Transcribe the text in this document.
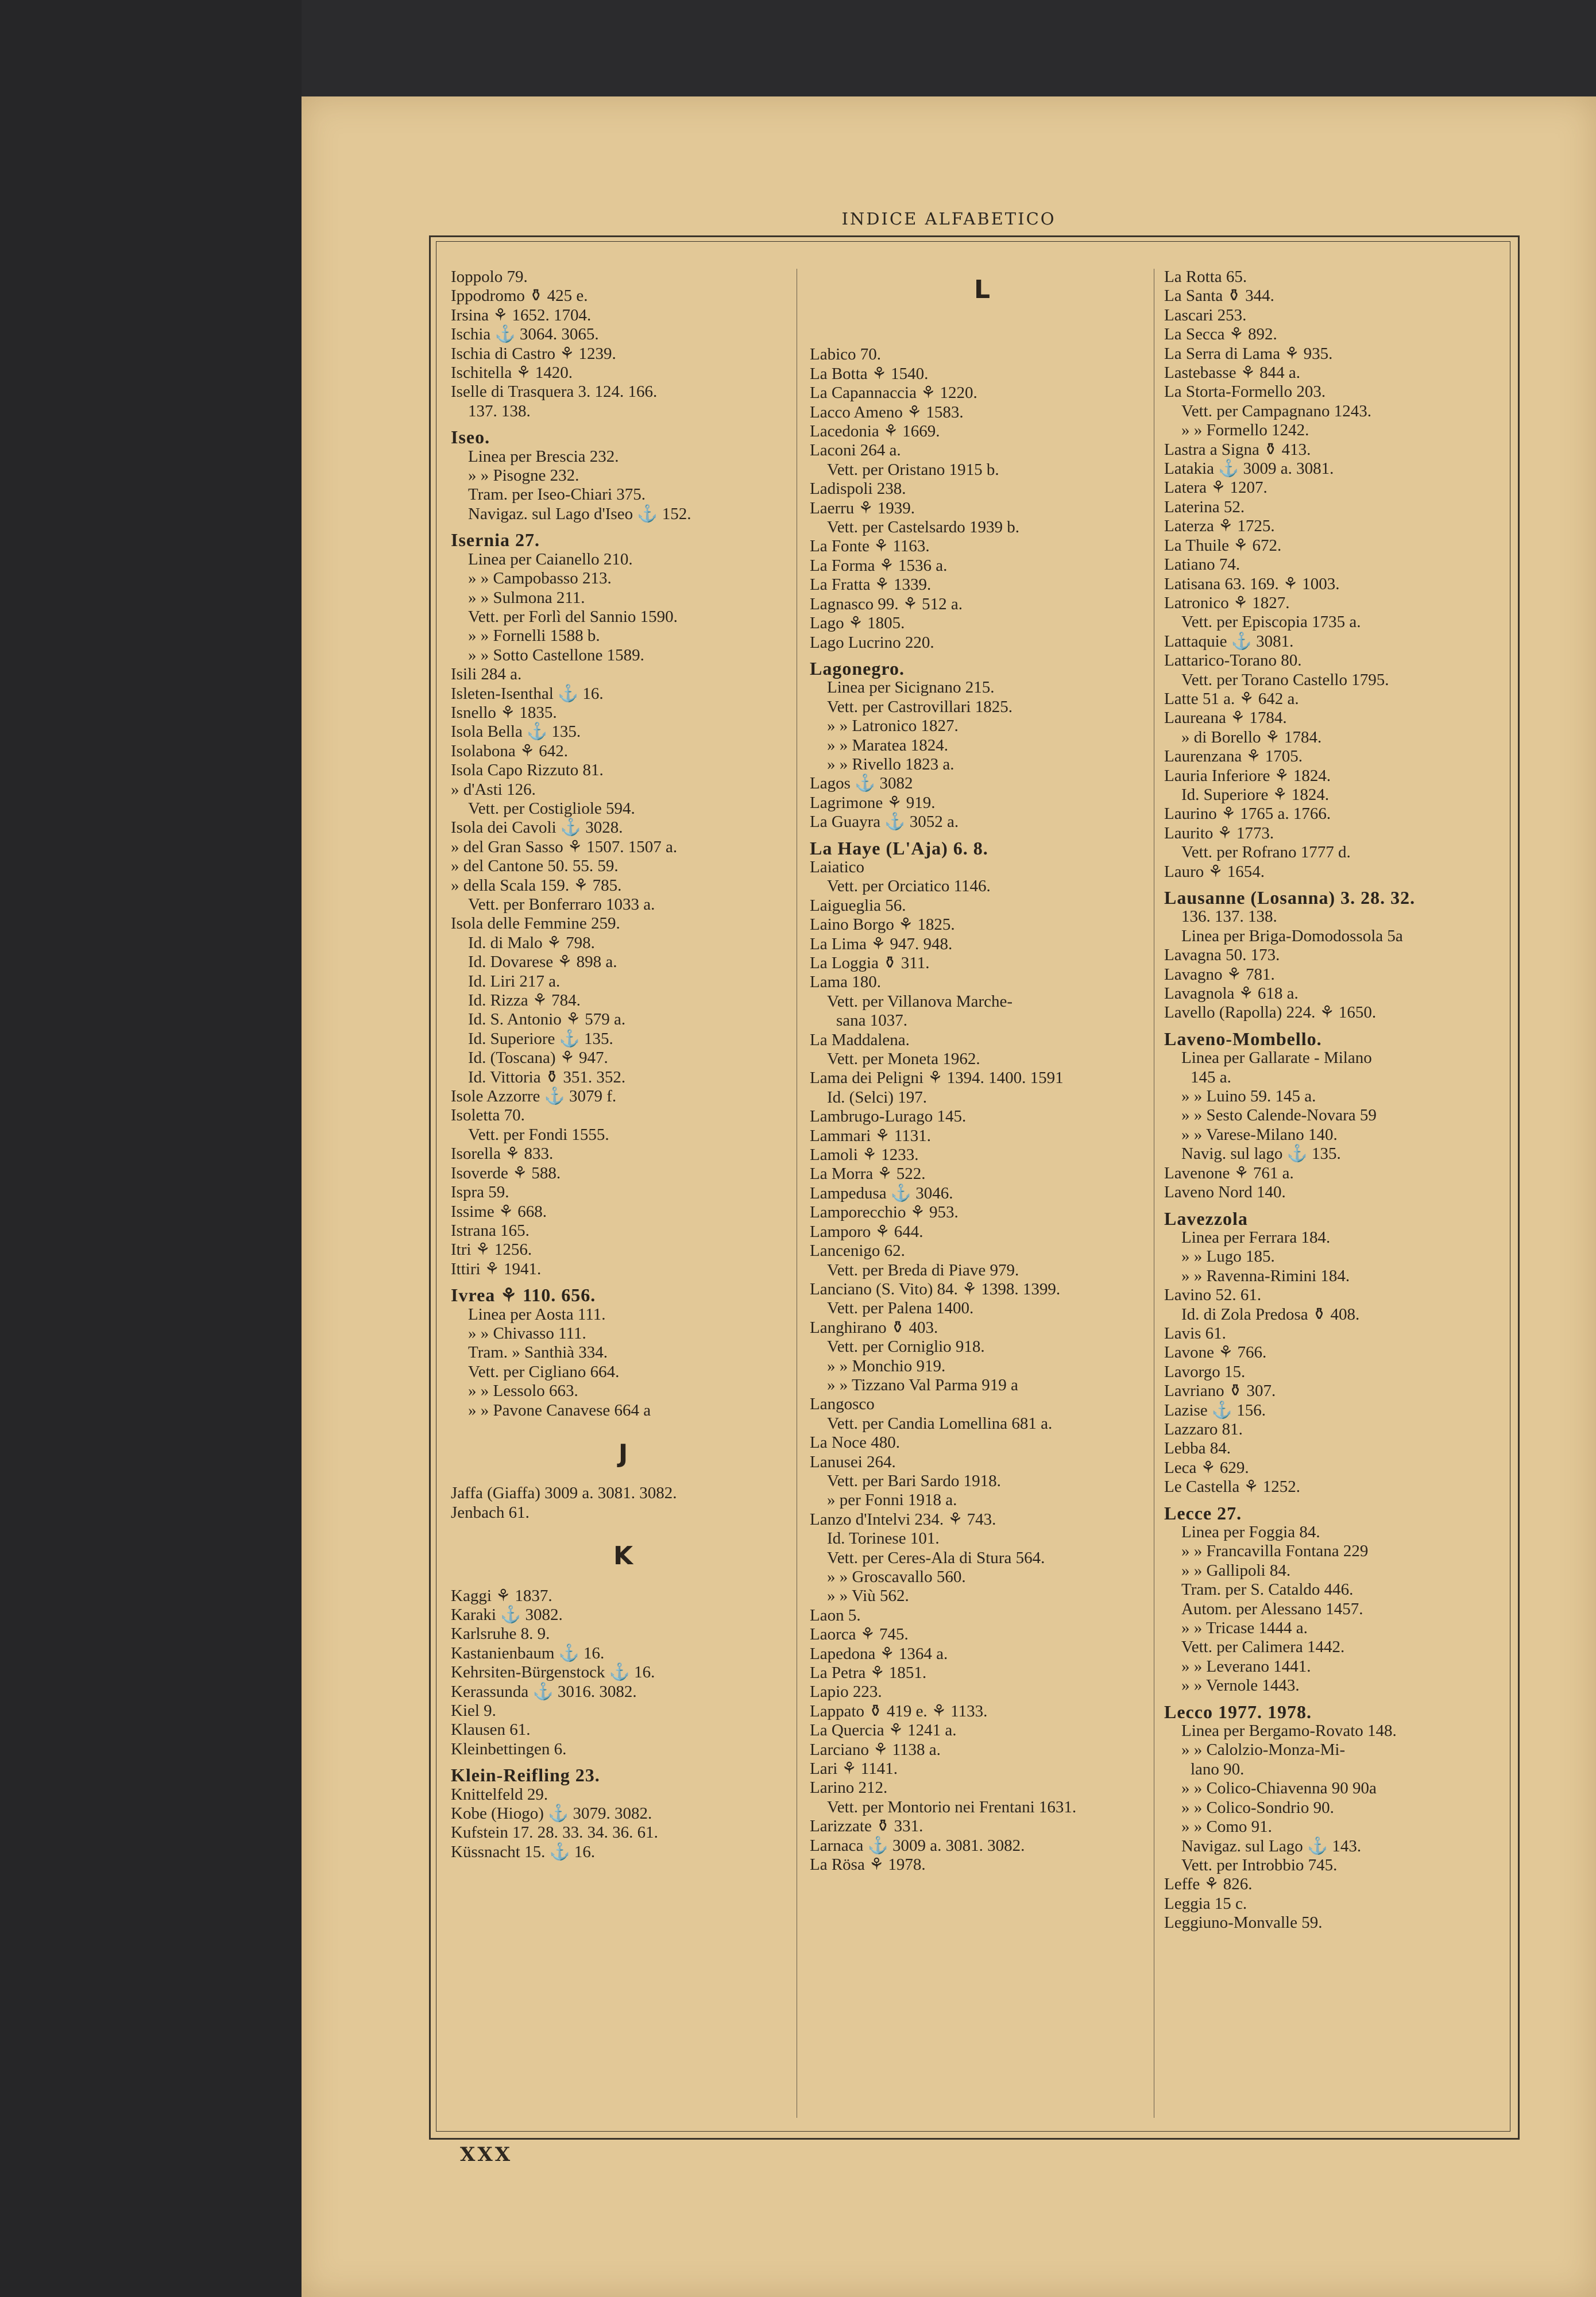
INDICE ALFABETICO
Ioppolo 79.
Ippodromo ⚱ 425 e.
Irsina ⚘ 1652. 1704.
Ischia ⚓ 3064. 3065.
Ischia di Castro ⚘ 1239.
Ischitella ⚘ 1420.
Iselle di Trasquera 3. 124. 166.
137. 138.
Iseo.
Linea per Brescia 232.
» » Pisogne 232.
Tram. per Iseo-Chiari 375.
Navigaz. sul Lago d'Iseo ⚓ 152.
Isernia 27.
Linea per Caianello 210.
» » Campobasso 213.
» » Sulmona 211.
Vett. per Forlì del Sannio 1590.
» » Fornelli 1588 b.
» » Sotto Castellone 1589.
Isili 284 a.
Isleten-Isenthal ⚓ 16.
Isnello ⚘ 1835.
Isola Bella ⚓ 135.
Isolabona ⚘ 642.
Isola Capo Rizzuto 81.
» d'Asti 126.
Vett. per Costigliole 594.
Isola dei Cavoli ⚓ 3028.
» del Gran Sasso ⚘ 1507. 1507 a.
» del Cantone 50. 55. 59.
» della Scala 159. ⚘ 785.
Vett. per Bonferraro 1033 a.
Isola delle Femmine 259.
Id. di Malo ⚘ 798.
Id. Dovarese ⚘ 898 a.
Id. Liri 217 a.
Id. Rizza ⚘ 784.
Id. S. Antonio ⚘ 579 a.
Id. Superiore ⚓ 135.
Id. (Toscana) ⚘ 947.
Id. Vittoria ⚱ 351. 352.
Isole Azzorre ⚓ 3079 f.
Isoletta 70.
Vett. per Fondi 1555.
Isorella ⚘ 833.
Isoverde ⚘ 588.
Ispra 59.
Issime ⚘ 668.
Istrana 165.
Itri ⚘ 1256.
Ittiri ⚘ 1941.
Ivrea ⚘ 110. 656.
Linea per Aosta 111.
» » Chivasso 111.
Tram. » Santhià 334.
Vett. per Cigliano 664.
» » Lessolo 663.
» » Pavone Canavese 664 a
J
Jaffa (Giaffa) 3009 a. 3081. 3082.
Jenbach 61.
K
Kaggi ⚘ 1837.
Karaki ⚓ 3082.
Karlsruhe 8. 9.
Kastanienbaum ⚓ 16.
Kehrsiten-Bürgenstock ⚓ 16.
Kerassunda ⚓ 3016. 3082.
Kiel 9.
Klausen 61.
Kleinbettingen 6.
Klein-Reifling 23.
Knittelfeld 29.
Kobe (Hiogo) ⚓ 3079. 3082.
Kufstein 17. 28. 33. 34. 36. 61.
Küssnacht 15. ⚓ 16.
L
Labico 70.
La Botta ⚘ 1540.
La Capannaccia ⚘ 1220.
Lacco Ameno ⚘ 1583.
Lacedonia ⚘ 1669.
Laconi 264 a.
Vett. per Oristano 1915 b.
Ladispoli 238.
Laerru ⚘ 1939.
Vett. per Castelsardo 1939 b.
La Fonte ⚘ 1163.
La Forma ⚘ 1536 a.
La Fratta ⚘ 1339.
Lagnasco 99. ⚘ 512 a.
Lago ⚘ 1805.
Lago Lucrino 220.
Lagonegro.
Linea per Sicignano 215.
Vett. per Castrovillari 1825.
» » Latronico 1827.
» » Maratea 1824.
» » Rivello 1823 a.
Lagos ⚓ 3082
Lagrimone ⚘ 919.
La Guayra ⚓ 3052 a.
La Haye (L'Aja) 6. 8.
Laiatico
Vett. per Orciatico 1146.
Laigueglia 56.
Laino Borgo ⚘ 1825.
La Lima ⚘ 947. 948.
La Loggia ⚱ 311.
Lama 180.
Vett. per Villanova Marche-
sana 1037.
La Maddalena.
Vett. per Moneta 1962.
Lama dei Peligni ⚘ 1394. 1400. 1591
Id. (Selci) 197.
Lambrugo-Lurago 145.
Lammari ⚘ 1131.
Lamoli ⚘ 1233.
La Morra ⚘ 522.
Lampedusa ⚓ 3046.
Lamporecchio ⚘ 953.
Lamporo ⚘ 644.
Lancenigo 62.
Vett. per Breda di Piave 979.
Lanciano (S. Vito) 84. ⚘ 1398. 1399.
Vett. per Palena 1400.
Langhirano ⚱ 403.
Vett. per Corniglio 918.
» » Monchio 919.
» » Tizzano Val Parma 919 a
Langosco
Vett. per Candia Lomellina 681 a.
La Noce 480.
Lanusei 264.
Vett. per Bari Sardo 1918.
» per Fonni 1918 a.
Lanzo d'Intelvi 234. ⚘ 743.
Id. Torinese 101.
Vett. per Ceres-Ala di Stura 564.
» » Groscavallo 560.
» » Viù 562.
Laon 5.
Laorca ⚘ 745.
Lapedona ⚘ 1364 a.
La Petra ⚘ 1851.
Lapio 223.
Lappato ⚱ 419 e. ⚘ 1133.
La Quercia ⚘ 1241 a.
Larciano ⚘ 1138 a.
Lari ⚘ 1141.
Larino 212.
Vett. per Montorio nei Frentani 1631.
Larizzate ⚱ 331.
Larnaca ⚓ 3009 a. 3081. 3082.
La Rösa ⚘ 1978.
La Rotta 65.
La Santa ⚱ 344.
Lascari 253.
La Secca ⚘ 892.
La Serra di Lama ⚘ 935.
Lastebasse ⚘ 844 a.
La Storta-Formello 203.
Vett. per Campagnano 1243.
» » Formello 1242.
Lastra a Signa ⚱ 413.
Latakia ⚓ 3009 a. 3081.
Latera ⚘ 1207.
Laterina 52.
Laterza ⚘ 1725.
La Thuile ⚘ 672.
Latiano 74.
Latisana 63. 169. ⚘ 1003.
Latronico ⚘ 1827.
Vett. per Episcopia 1735 a.
Lattaquie ⚓ 3081.
Lattarico-Torano 80.
Vett. per Torano Castello 1795.
Latte 51 a. ⚘ 642 a.
Laureana ⚘ 1784.
» di Borello ⚘ 1784.
Laurenzana ⚘ 1705.
Lauria Inferiore ⚘ 1824.
Id. Superiore ⚘ 1824.
Laurino ⚘ 1765 a. 1766.
Laurito ⚘ 1773.
Vett. per Rofrano 1777 d.
Lauro ⚘ 1654.
Lausanne (Losanna) 3. 28. 32.
136. 137. 138.
Linea per Briga-Domodossola 5a
Lavagna 50. 173.
Lavagno ⚘ 781.
Lavagnola ⚘ 618 a.
Lavello (Rapolla) 224. ⚘ 1650.
Laveno-Mombello.
Linea per Gallarate - Milano
145 a.
» » Luino 59. 145 a.
» » Sesto Calende-Novara 59
» » Varese-Milano 140.
Navig. sul lago ⚓ 135.
Lavenone ⚘ 761 a.
Laveno Nord 140.
Lavezzola
Linea per Ferrara 184.
» » Lugo 185.
» » Ravenna-Rimini 184.
Lavino 52. 61.
Id. di Zola Predosa ⚱ 408.
Lavis 61.
Lavone ⚘ 766.
Lavorgo 15.
Lavriano ⚱ 307.
Lazise ⚓ 156.
Lazzaro 81.
Lebba 84.
Leca ⚘ 629.
Le Castella ⚘ 1252.
Lecce 27.
Linea per Foggia 84.
» » Francavilla Fontana 229
» » Gallipoli 84.
Tram. per S. Cataldo 446.
Autom. per Alessano 1457.
» » Tricase 1444 a.
Vett. per Calimera 1442.
» » Leverano 1441.
» » Vernole 1443.
Lecco 1977. 1978.
Linea per Bergamo-Rovato 148.
» » Calolzio-Monza-Mi-
lano 90.
» » Colico-Chiavenna 90 90a
» » Colico-Sondrio 90.
» » Como 91.
Navigaz. sul Lago ⚓ 143.
Vett. per Introbbio 745.
Leffe ⚘ 826.
Leggia 15 c.
Leggiuno-Monvalle 59.
XXX
